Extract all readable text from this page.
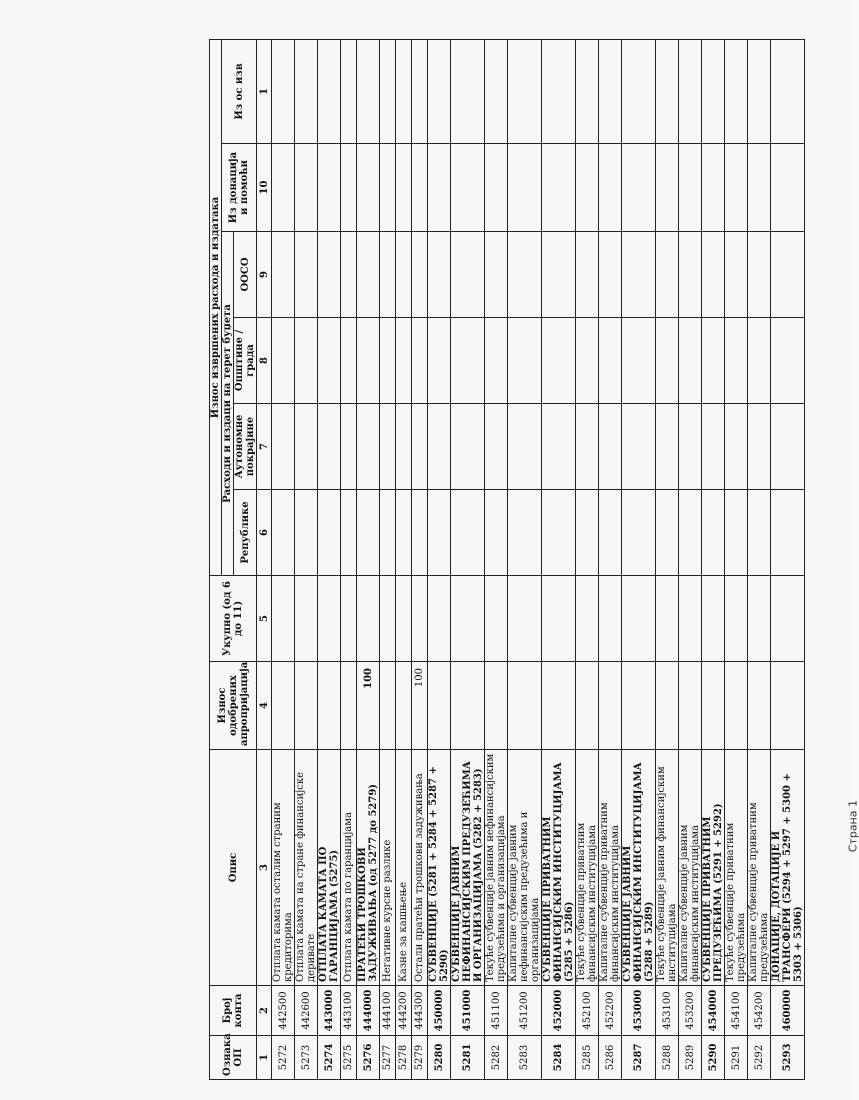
Ознака ОП	Број конта	Опис	Износ одобрених апропријација	Укупно (од 6 до 11)	Износ извршених расхода и издатака					
					Расходи и издаци на терет буџета				Из донација и помоћи	Из ос изв
					Републике	Аутономне покрајине	Општине / града	ООСО		
1	2	3	4	5	6	7	8	9	10	1
5272	442500	Отплата камата осталим страним кредиторима								
5273	442600	Отплата камата на стране финансијске деривате								
5274	443000	ОТПЛАТА КАМАТА ПО ГАРАНЦИЈАМА (5275)								
5275	443100	Отплата камата по гаранцијама								
5276	444000	ПРАТЕЋИ ТРОШКОВИ ЗАДУЖИВАЊА (од 5277 до 5279)	100							
5277	444100	Негативне курсне разлике								
5278	444200	Казне за кашњење								
5279	444300	Остали пратећи трошкови задуживања	100							
5280	450000	СУБВЕНЦИЈЕ (5281 + 5284 + 5287 + 5290)								
5281	451000	СУБВЕНЦИЈЕ ЈАВНИМ НЕФИНАНСИЈСКИМ ПРЕДУЗЕЋИМА И ОРГАНИЗАЦИЈАМА (5282 + 5283)								
5282	451100	Текуће субвенције јавним нефинансијским предузећима и организацијама								
5283	451200	Капиталне субвенције јавним нефинансијским предузећима и организацијама								
5284	452000	СУБВЕНЦИЈЕ ПРИВАТНИМ ФИНАНСИЈСКИМ ИНСТИТУЦИЈАМА (5285 + 5286)								
5285	452100	Текуће субвенције приватним финансијским институцијама								
5286	452200	Капиталне субвенције приватним финансијским институцијама								
5287	453000	СУБВЕНЦИЈЕ ЈАВНИМ ФИНАНСИЈСКИМ ИНСТИТУЦИЈАМА (5288 + 5289)								
5288	453100	Текуће субвенције јавним финансијским институцијама								
5289	453200	Капиталне субвенције јавним финансијским институцијама								
5290	454000	СУБВЕНЦИЈЕ ПРИВАТНИМ ПРЕДУЗЕЋИМА (5291 + 5292)								
5291	454100	Текуће субвенције приватним предузећима								
5292	454200	Капиталне субвенције приватним предузећима								
5293	460000	ДОНАЦИЈЕ, ДОТАЦИЈЕ И ТРАНСФЕРИ (5294 + 5297 + 5300 + 5303 + 5306)								
Страна 1
